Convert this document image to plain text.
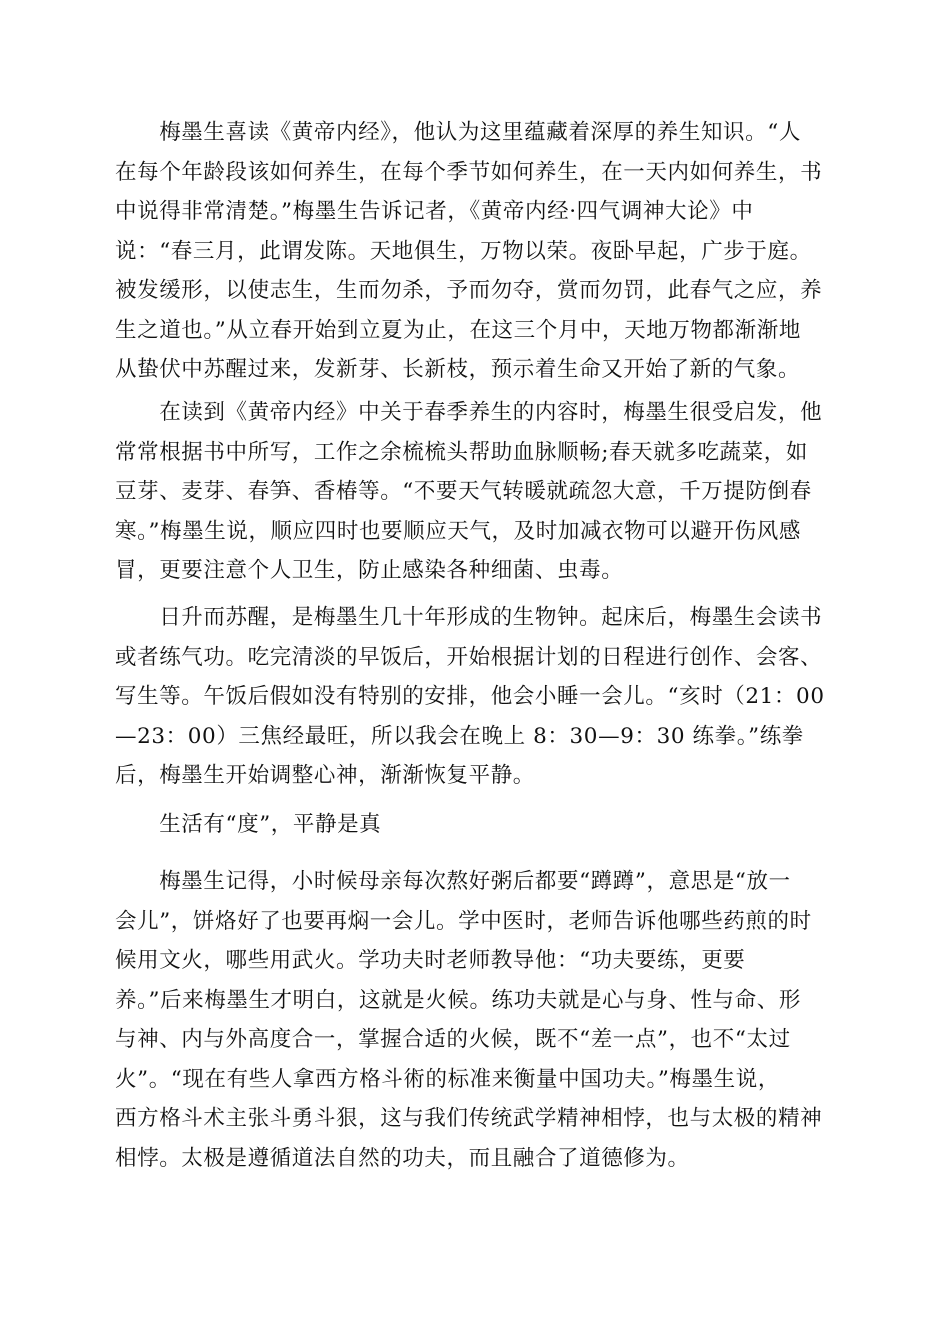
　　梅墨生喜读《黄帝内经》，他认为这里蕴藏着深厚的养生知识。“人
在每个年龄段该如何养生，在每个季节如何养生，在一天内如何养生，书
中说得非常清楚。”梅墨生告诉记者，《黄帝内经·四气调神大论》中
说：“春三月，此谓发陈。天地俱生，万物以荣。夜卧早起，广步于庭。
被发缓形，以使志生，生而勿杀，予而勿夺，赏而勿罚，此春气之应，养
生之道也。”从立春开始到立夏为止，在这三个月中，天地万物都渐渐地
从蛰伏中苏醒过来，发新芽、长新枝，预示着生命又开始了新的气象。
　　在读到《黄帝内经》中关于春季养生的内容时，梅墨生很受启发，他
常常根据书中所写，工作之余梳梳头帮助血脉顺畅;春天就多吃蔬菜，如
豆芽、麦芽、春笋、香椿等。“不要天气转暖就疏忽大意，千万提防倒春
寒。”梅墨生说，顺应四时也要顺应天气，及时加减衣物可以避开伤风感
冒，更要注意个人卫生，防止感染各种细菌、虫毒。
　　日升而苏醒，是梅墨生几十年形成的生物钟。起床后，梅墨生会读书
或者练气功。吃完清淡的早饭后，开始根据计划的日程进行创作、会客、
写生等。午饭后假如没有特别的安排，他会小睡一会儿。“亥时（21：00
—23：00）三焦经最旺，所以我会在晚上 8：30—9：30 练拳。”练拳
后，梅墨生开始调整心神，渐渐恢复平静。
　　生活有“度”，平静是真
　　梅墨生记得，小时候母亲每次熬好粥后都要“蹲蹲”，意思是“放一
会儿”，饼烙好了也要再焖一会儿。学中医时，老师告诉他哪些药煎的时
候用文火，哪些用武火。学功夫时老师教导他：“功夫要练，更要
养。”后来梅墨生才明白，这就是火候。练功夫就是心与身、性与命、形
与神、内与外高度合一，掌握合适的火候，既不“差一点”，也不“太过
火”。“现在有些人拿西方格斗術的标准来衡量中国功夫。”梅墨生说，
西方格斗术主张斗勇斗狠，这与我们传统武学精神相悖，也与太极的精神
相悖。太极是遵循道法自然的功夫，而且融合了道德修为。
